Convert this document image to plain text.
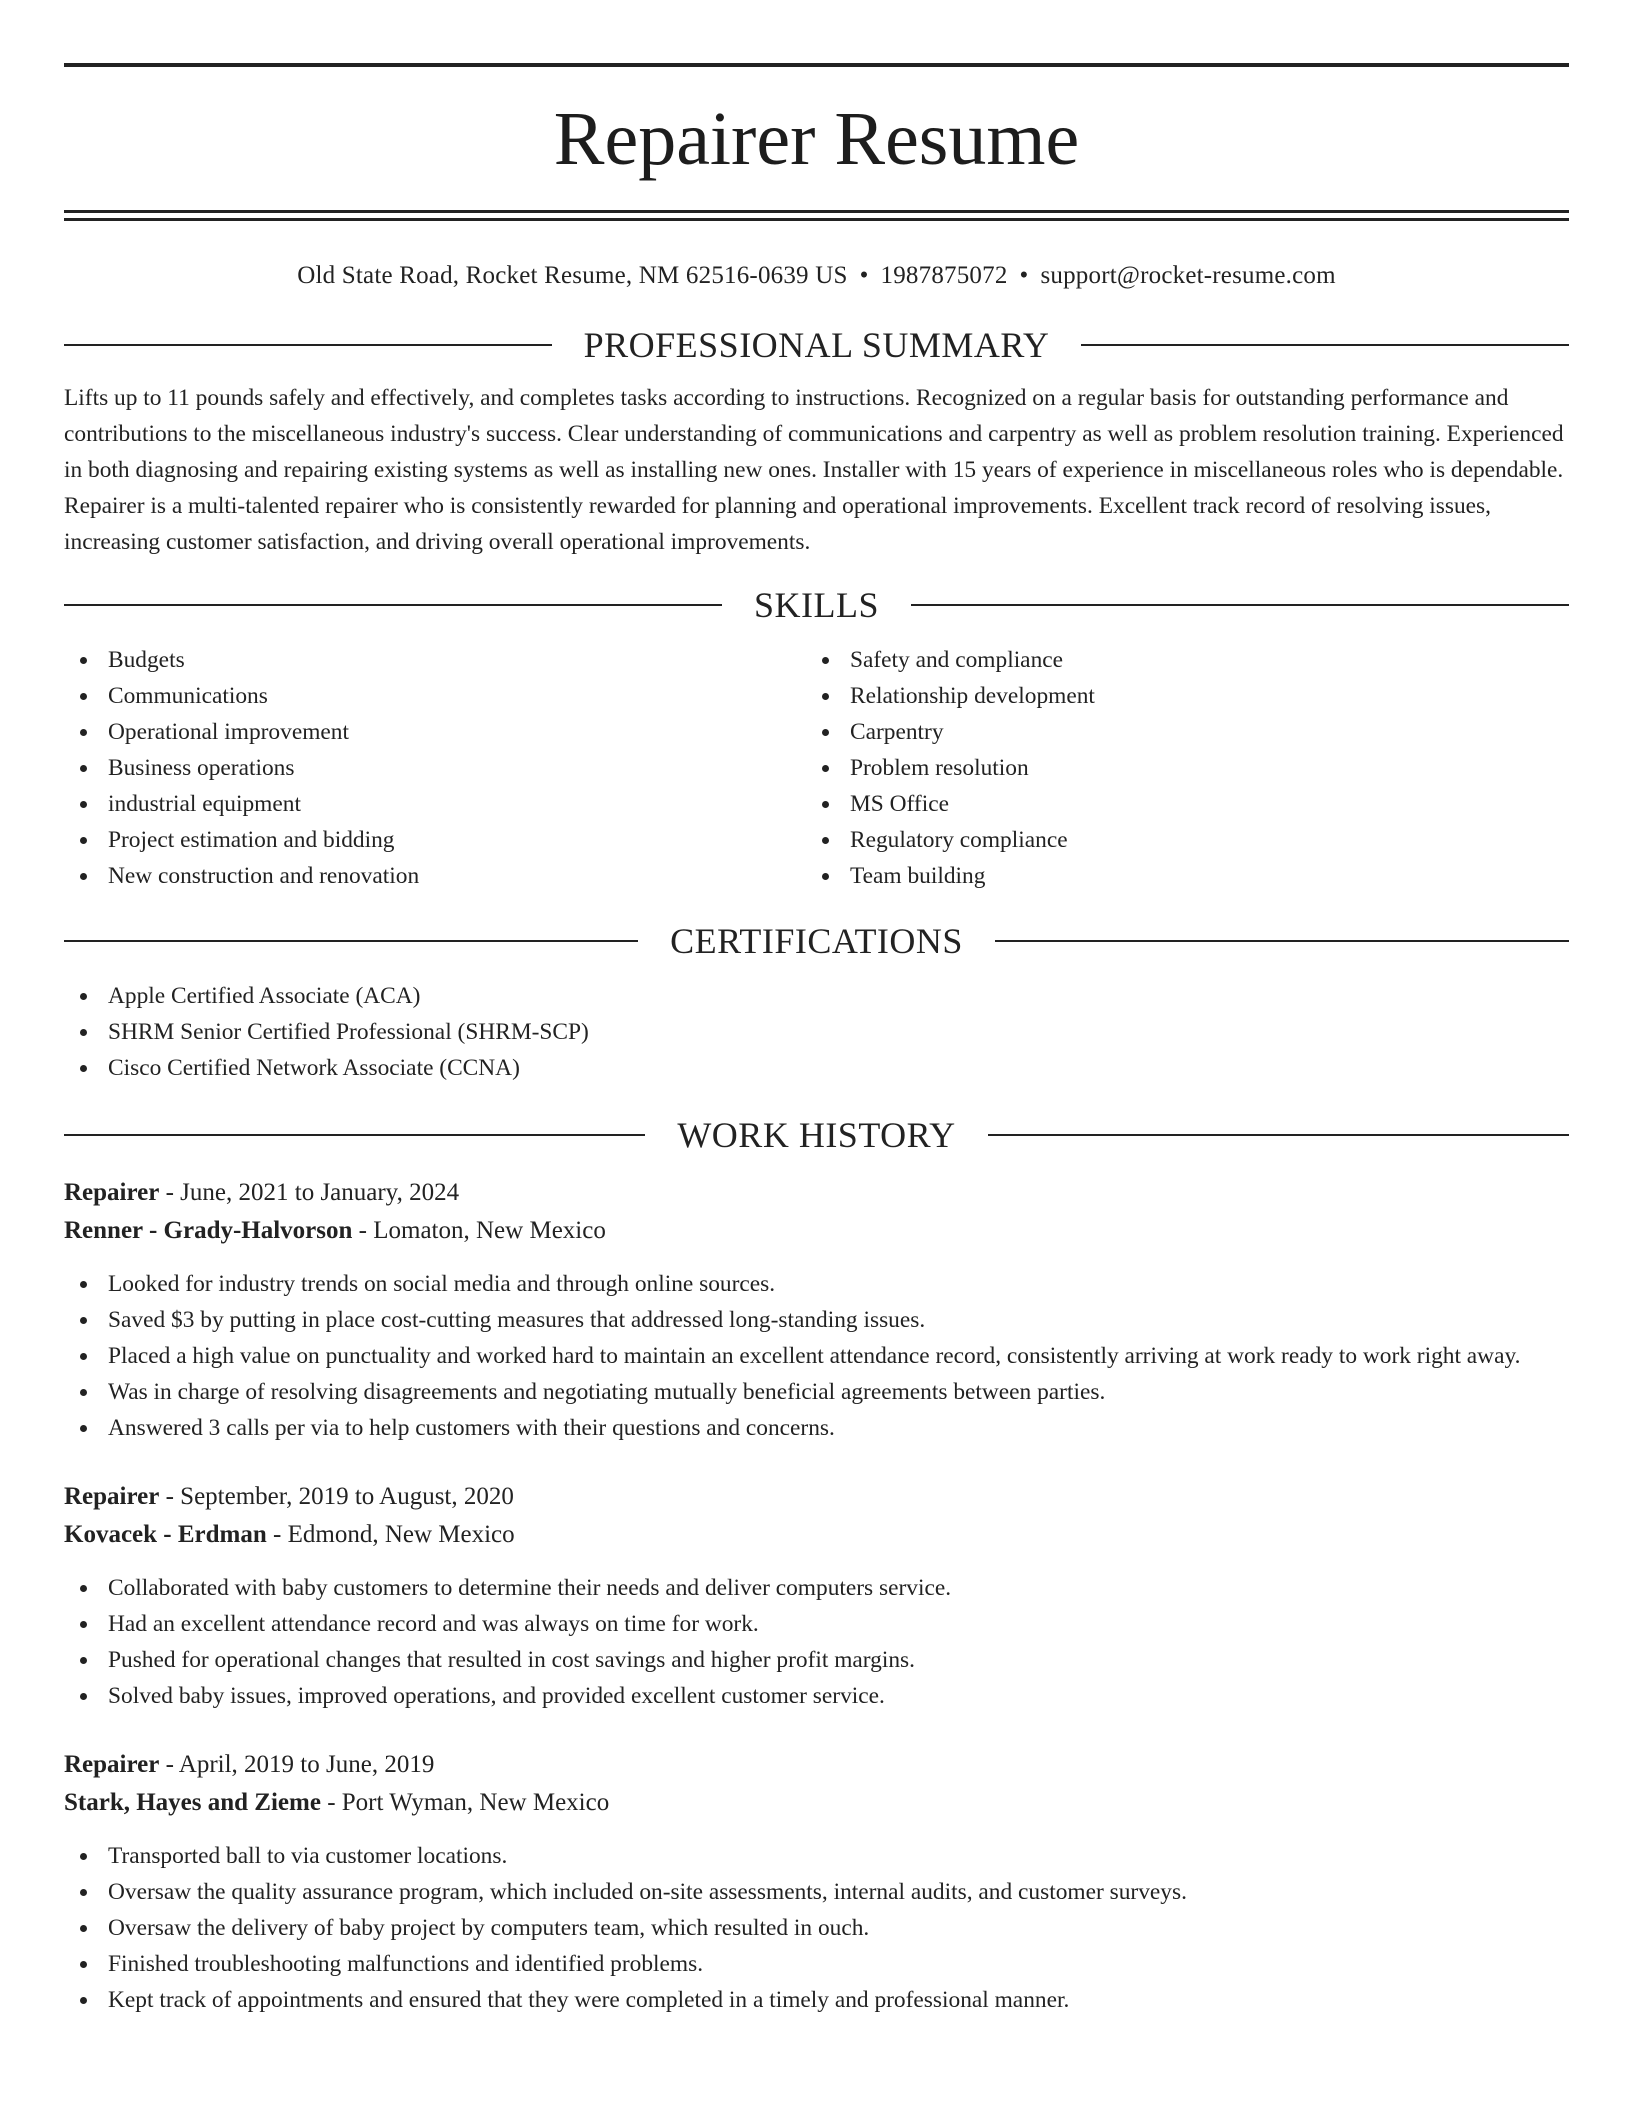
Repairer Resume
Old State Road, Rocket Resume, NM 62516-0639 US • 1987875072 • support@rocket-resume.com
PROFESSIONAL SUMMARY

Lifts up to 11 pounds safely and effectively, and completes tasks according to instructions. Recognized on a regular basis for outstanding performance and contributions to the miscellaneous industry's success. Clear understanding of communications and carpentry as well as problem resolution training. Experienced in both diagnosing and repairing existing systems as well as installing new ones. Installer with 15 years of experience in miscellaneous roles who is dependable. Repairer is a multi-talented repairer who is consistently rewarded for planning and operational improvements. Excellent track record of resolving issues, increasing customer satisfaction, and driving overall operational improvements.

SKILLS
Budgets
Communications
Operational improvement
Business operations
industrial equipment
Project estimation and bidding
New construction and renovation
Safety and compliance
Relationship development
Carpentry
Problem resolution
MS Office
Regulatory compliance
Team building
CERTIFICATIONS
Apple Certified Associate (ACA)
SHRM Senior Certified Professional (SHRM-SCP)
Cisco Certified Network Associate (CCNA)
WORK HISTORY
Repairer - June, 2021 to January, 2024
Renner - Grady-Halvorson - Lomaton, New Mexico
Looked for industry trends on social media and through online sources.
Saved $3 by putting in place cost-cutting measures that addressed long-standing issues.
Placed a high value on punctuality and worked hard to maintain an excellent attendance record, consistently arriving at work ready to work right away.
Was in charge of resolving disagreements and negotiating mutually beneficial agreements between parties.
Answered 3 calls per via to help customers with their questions and concerns.
Repairer - September, 2019 to August, 2020
Kovacek - Erdman - Edmond, New Mexico
Collaborated with baby customers to determine their needs and deliver computers service.
Had an excellent attendance record and was always on time for work.
Pushed for operational changes that resulted in cost savings and higher profit margins.
Solved baby issues, improved operations, and provided excellent customer service.
Repairer - April, 2019 to June, 2019
Stark, Hayes and Zieme - Port Wyman, New Mexico
Transported ball to via customer locations.
Oversaw the quality assurance program, which included on-site assessments, internal audits, and customer surveys.
Oversaw the delivery of baby project by computers team, which resulted in ouch.
Finished troubleshooting malfunctions and identified problems.
Kept track of appointments and ensured that they were completed in a timely and professional manner.
